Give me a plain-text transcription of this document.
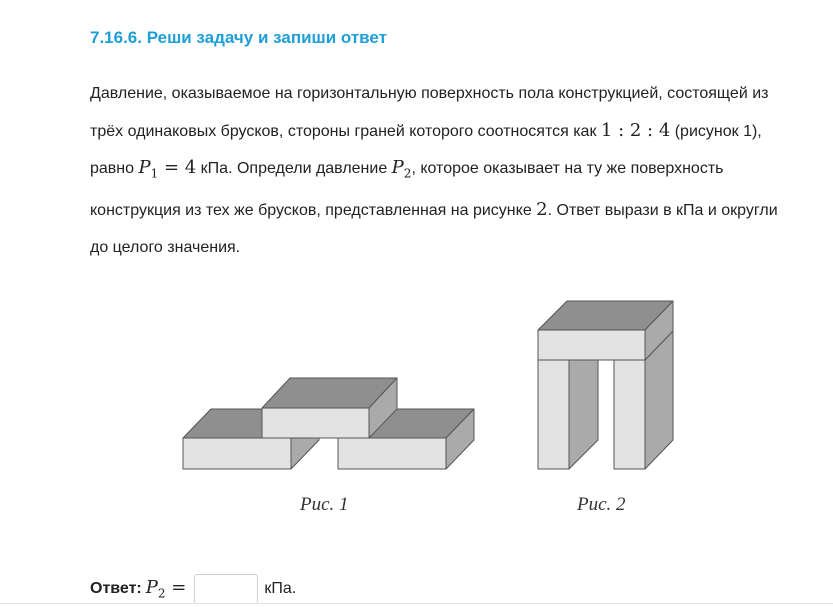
7.16.6. Реши задачу и запиши ответ

Давление, оказываемое на горизонтальную поверхность пола конструкцией, состоящей из трёх одинаковых брусков, стороны граней которого соотносятся как 1 : 2 : 4 (рисунок 1), равно $P_1 = 4$ кПа. Определи давление $P_2$, которое оказывает на ту же поверхность конструкция из тех же брусков, представленная на рисунке 2. Ответ вырази в кПа и округли до целого значения.

Рис. 1	Рис. 2
Ответ: $P_2$ =	кПа.
